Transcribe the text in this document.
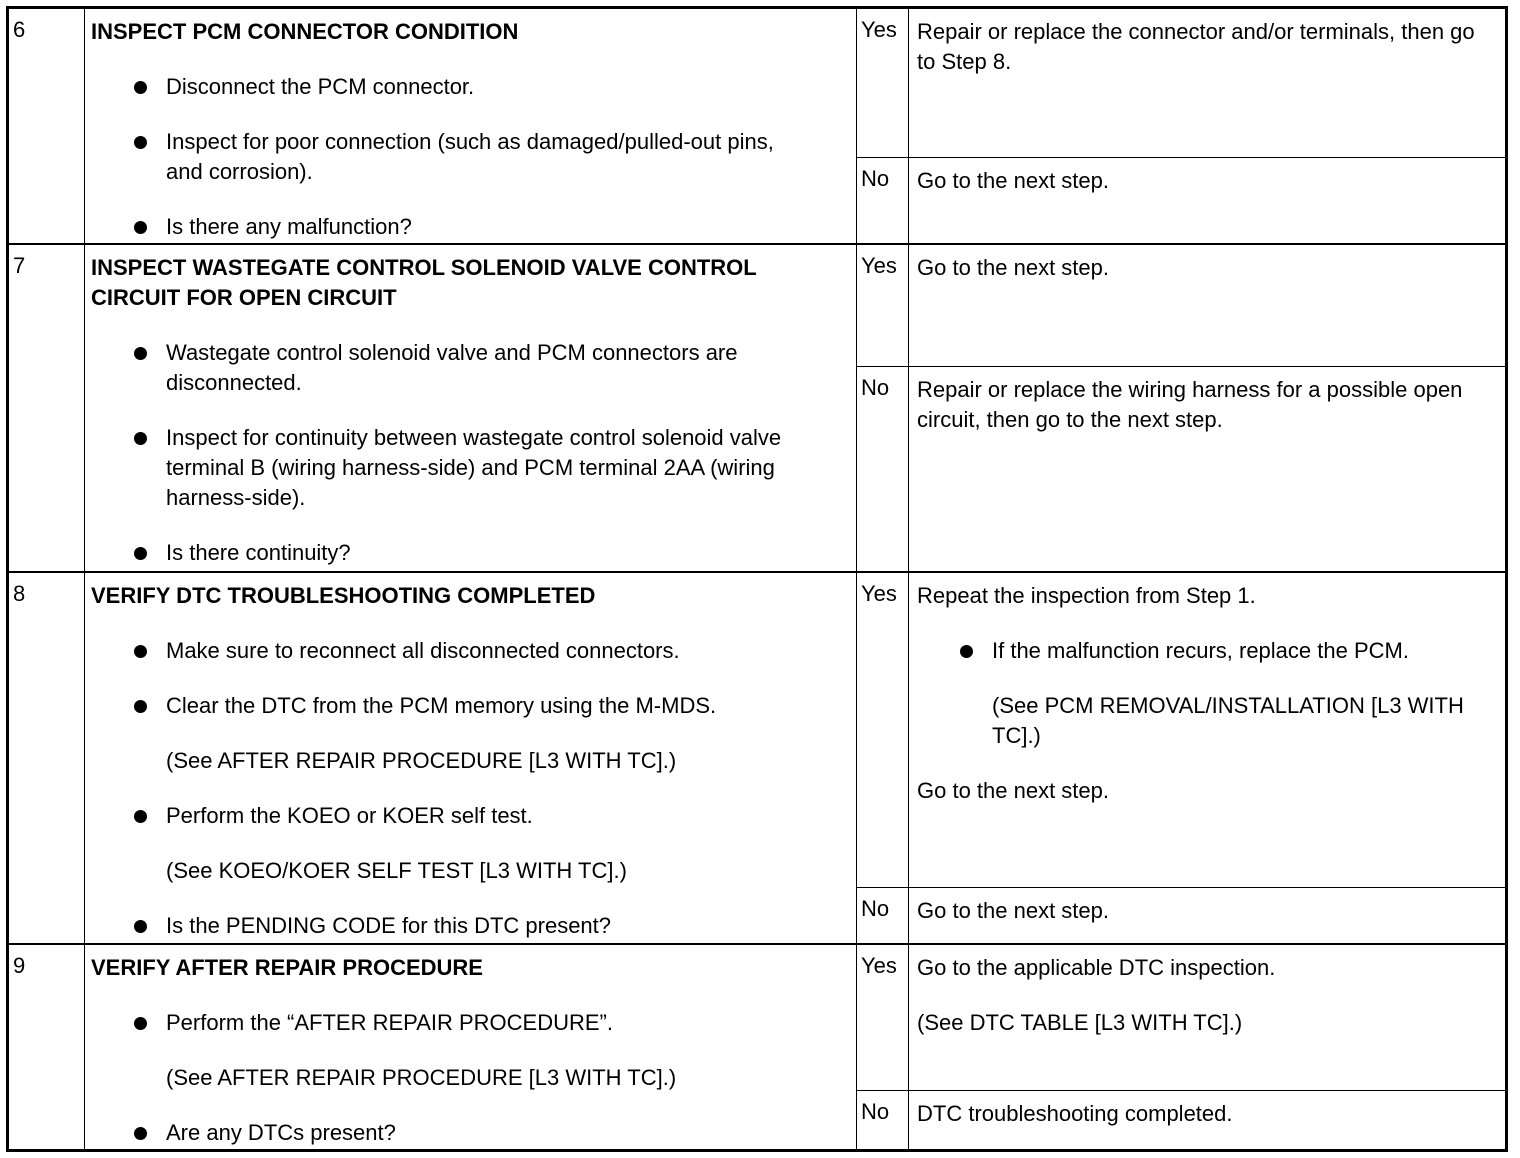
6	INSPECT PCM CONNECTOR CONDITION

Disconnect the PCM connector.
Inspect for poor connection (such as damaged/pulled-out pins, and corrosion).
Is there any malfunction?
Yes Repair or replace the connector and/or terminals, then go to Step 8.

No	Go to the next step.

7	INSPECT WASTEGATE CONTROL SOLENOID VALVE CONTROL CIRCUIT FOR OPEN CIRCUIT

Wastegate control solenoid valve and PCM connectors are disconnected.
Inspect for continuity between wastegate control solenoid valve terminal B (wiring harness-side) and PCM terminal 2AA (wiring harness-side).
Is there continuity?
Yes Go to the next step.

No	Repair or replace the wiring harness for a possible open circuit, then go to the next step.

8	VERIFY DTC TROUBLESHOOTING COMPLETED

Make sure to reconnect all disconnected connectors.
Clear the DTC from the PCM memory using the M-MDS.
(See AFTER REPAIR PROCEDURE [L3 WITH TC].)
Perform the KOEO or KOER self test.
(See KOEO/KOER SELF TEST [L3 WITH TC].)
Is the PENDING CODE for this DTC present?
Yes Repeat the inspection from Step 1.

If the malfunction recurs, replace the PCM.
(See PCM REMOVAL/INSTALLATION [L3 WITH TC].)

Go to the next step.

No	Go to the next step.

9	VERIFY AFTER REPAIR PROCEDURE

Perform the “AFTER REPAIR PROCEDURE”.
(See AFTER REPAIR PROCEDURE [L3 WITH TC].)
Are any DTCs present?
Yes Go to the applicable DTC inspection.

(See DTC TABLE [L3 WITH TC].)

No	DTC troubleshooting completed.
